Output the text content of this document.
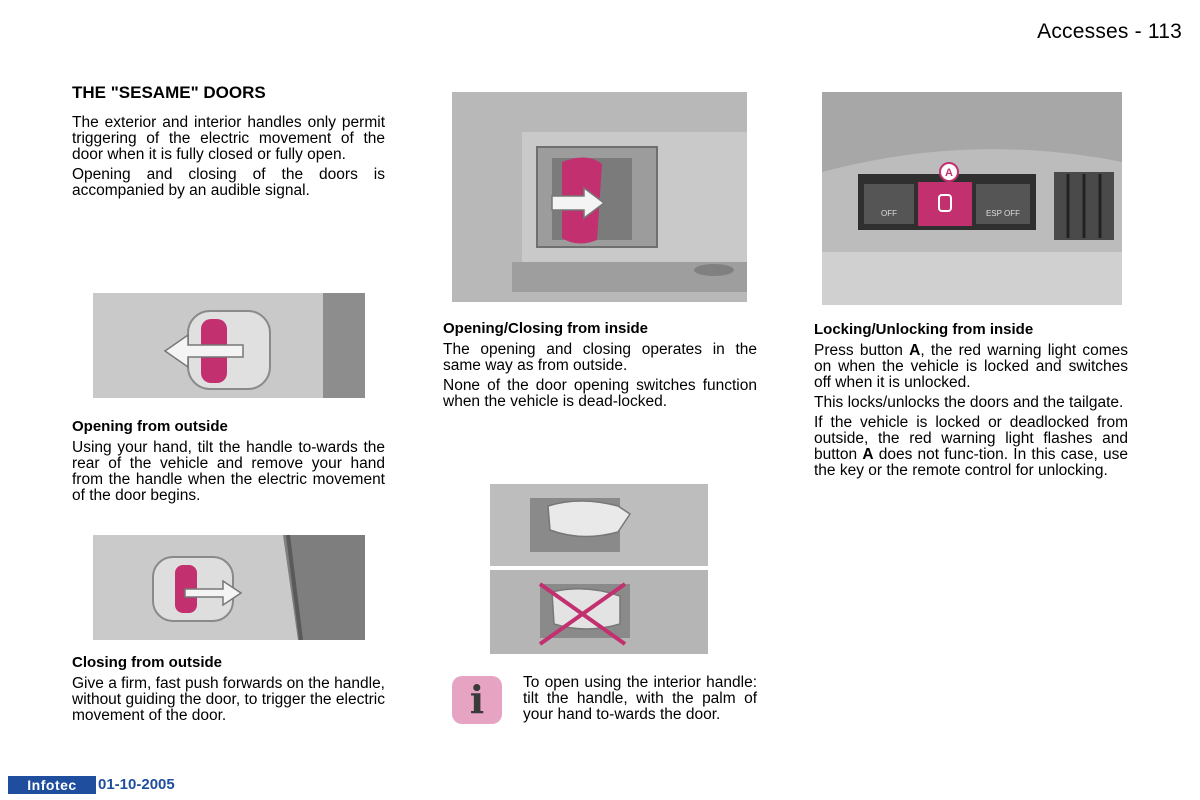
Accesses - 113
THE "SESAME" DOORS

The exterior and interior handles only permit triggering of the electric movement of the door when it is fully closed or fully open.

Opening and closing of the doors is accompanied by an audible signal.

Opening from outside

Using your hand, tilt the handle to-wards the rear of the vehicle and remove your hand from the handle when the electric movement of the door begins.

Closing from outside

Give a firm, fast push forwards on the handle, without guiding the door, to trigger the electric movement of the door.

Opening/Closing from inside

The opening and closing operates in the same way as from outside.

None of the door opening switches function when the vehicle is dead-locked.

i	To open using the interior handle: tilt the handle, with the palm of your hand to-wards the door.

OFF	ESP OFF
A
Locking/Unlocking from inside

Press button A, the red warning light comes on when the vehicle is locked and switches off when it is unlocked.

This locks/unlocks the doors and the tailgate.

If the vehicle is locked or deadlocked from outside, the red warning light flashes and button A does not func-tion. In this case, use the key or the remote control for unlocking.

Infotec	01-10-2005
